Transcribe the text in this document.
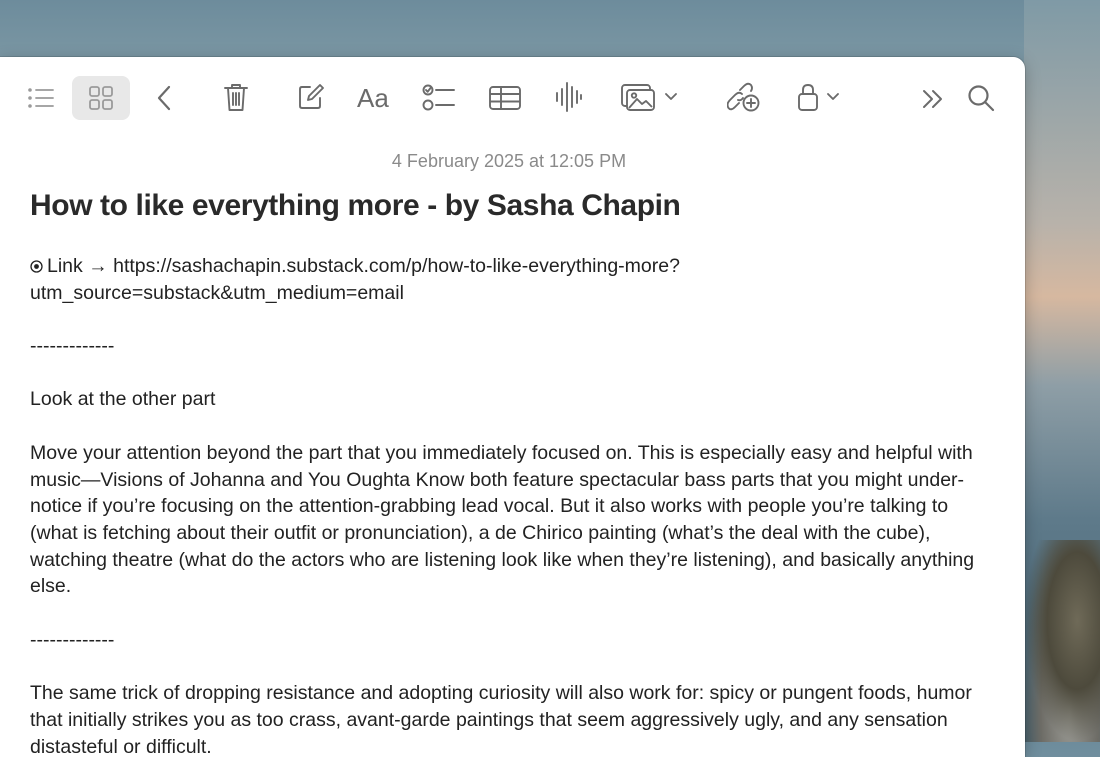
Aa
4 February 2025 at 12:05 PM
How to like everything more - by Sasha Chapin

Link → https://sashachapin.substack.com/p/how-to-like-everything-more?
utm_source=substack&utm_medium=email

-------------

Look at the other part

Move your attention beyond the part that you immediately focused on. This is especially easy and helpful with music—Visions of Johanna and You Oughta Know both feature spectacular bass parts that you might under-notice if you’re focusing on the attention-grabbing lead vocal. But it also works with people you’re talking to (what is fetching about their outfit or pronunciation), a de Chirico painting (what’s the deal with the cube), watching theatre (what do the actors who are listening look like when they’re listening), and basically anything else.

-------------

The same trick of dropping resistance and adopting curiosity will also work for: spicy or pungent foods, humor that initially strikes you as too crass, avant-garde paintings that seem aggressively ugly, and any sensation distasteful or difficult.
